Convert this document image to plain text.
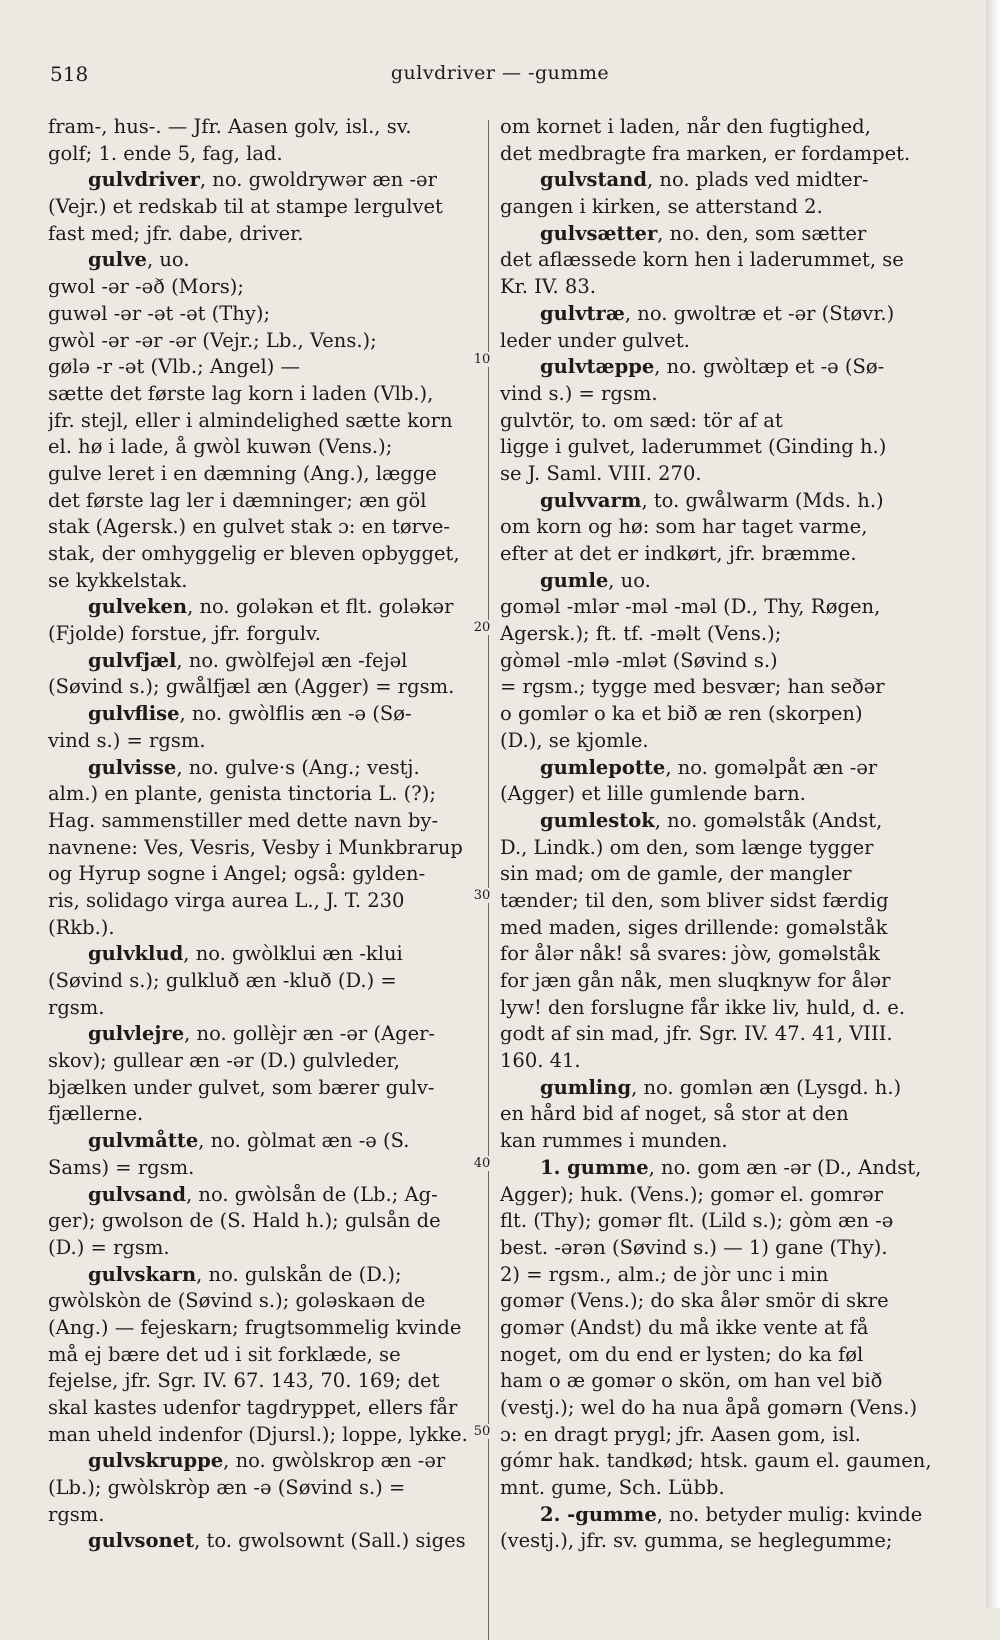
518	gulvdriver — -gumme
10
20
30
40
50
fram-, hus-. — Jfr. Aasen golv, isl., sv.
golf; 1. ende 5, fag, lad.
gulvdriver, no. gwoldrywər æn -ər
(Vejr.) et redskab til at stampe lergulvet
fast med; jfr. dabe, driver.
gulve, uo.
gwol -ər -əð (Mors);
guwəl -ər -ət -ət (Thy);
gwòl -ər -ər -ər (Vejr.; Lb., Vens.);
gølə -r -ət (Vlb.; Angel) —
sætte det første lag korn i laden (Vlb.),
jfr. stejl, eller i almindelighed sætte korn
el. hø i lade, å gwòl kuwən (Vens.);
gulve leret i en dæmning (Ang.), lægge
det første lag ler i dæmninger; æn göl
stak (Agersk.) en gulvet stak ɔ: en tørve-
stak, der omhyggelig er bleven opbygget,
se kykkelstak.
gulveken, no. goləkən et flt. goləkər
(Fjolde) forstue, jfr. forgulv.
gulvfjæl, no. gwòlfejəl æn -fejəl
(Søvind s.); gwålfjæl æn (Agger) = rgsm.
gulvflise, no. gwòlflis æn -ə (Sø-
vind s.) = rgsm.
gulvisse, no. gulve·s (Ang.; vestj.
alm.) en plante, genista tinctoria L. (?);
Hag. sammenstiller med dette navn by-
navnene: Ves, Vesris, Vesby i Munkbrarup
og Hyrup sogne i Angel; også: gylden-
ris, solidago virga aurea L., J. T. 230
(Rkb.).
gulvklud, no. gwòlklui æn -klui
(Søvind s.); gulkluð æn -kluð (D.) =
rgsm.
gulvlejre, no. gollèjr æn -ər (Ager-
skov); gullear æn -ər (D.) gulvleder,
bjælken under gulvet, som bærer gulv-
fjællerne.
gulvmåtte, no. gòlmat æn -ə (S.
Sams) = rgsm.
gulvsand, no. gwòlsån de (Lb.; Ag-
ger); gwolson de (S. Hald h.); gulsån de
(D.) = rgsm.
gulvskarn, no. gulskån de (D.);
gwòlskòn de (Søvind s.); goləskaən de
(Ang.) — fejeskarn; frugtsommelig kvinde
må ej bære det ud i sit forklæde, se
fejelse, jfr. Sgr. IV. 67. 143, 70. 169; det
skal kastes udenfor tagdryppet, ellers får
man uheld indenfor (Djursl.); loppe, lykke.
gulvskruppe, no. gwòlskrop æn -ər
(Lb.); gwòlskròp æn -ə (Søvind s.) =
rgsm.
gulvsonet, to. gwolsownt (Sall.) siges
om kornet i laden, når den fugtighed,
det medbragte fra marken, er fordampet.
gulvstand, no. plads ved midter-
gangen i kirken, se atterstand 2.
gulvsætter, no. den, som sætter
det aflæssede korn hen i laderummet, se
Kr. IV. 83.
gulvtræ, no. gwoltræ et -ər (Støvr.)
leder under gulvet.
gulvtæppe, no. gwòltæp et -ə (Sø-
vind s.) = rgsm.
gulvtör, to. om sæd: tör af at
ligge i gulvet, laderummet (Ginding h.)
se J. Saml. VIII. 270.
gulvvarm, to. gwålwarm (Mds. h.)
om korn og hø: som har taget varme,
efter at det er indkørt, jfr. bræmme.
gumle, uo.
goməl -mlər -məl -məl (D., Thy, Røgen,
Agersk.); ft. tf. -məlt (Vens.);
gòməl -mlə -mlət (Søvind s.)
= rgsm.; tygge med besvær; han seðər
o gomlər o ka et bið æ ren (skorpen)
(D.), se kjomle.
gumlepotte, no. goməlpåt æn -ər
(Agger) et lille gumlende barn.
gumlestok, no. goməlståk (Andst,
D., Lindk.) om den, som længe tygger
sin mad; om de gamle, der mangler
tænder; til den, som bliver sidst færdig
med maden, siges drillende: goməlståk
for ålər nåk! så svares: jòw, goməlståk
for jæn gån nåk, men sluqknyw for ålər
lyw! den forslugne får ikke liv, huld, d. e.
godt af sin mad, jfr. Sgr. IV. 47. 41, VIII.
160. 41.
gumling, no. gomlən æn (Lysgd. h.)
en hård bid af noget, så stor at den
kan rummes i munden.
1. gumme, no. gom æn -ər (D., Andst,
Agger); huk. (Vens.); gomər el. gomrər
flt. (Thy); gomər flt. (Lild s.); gòm æn -ə
best. -ərən (Søvind s.) — 1) gane (Thy).
2) = rgsm., alm.; de jòr unc i min
gomər (Vens.); do ska ålər smör di skre
gomər (Andst) du må ikke vente at få
noget, om du end er lysten; do ka føl
ham o æ gomər o skön, om han vel bið
(vestj.); wel do ha nua åpå gomərn (Vens.)
ɔ: en dragt prygl; jfr. Aasen gom, isl.
gómr hak. tandkød; htsk. gaum el. gaumen,
mnt. gume, Sch. Lübb.
2. -gumme, no. betyder mulig: kvinde
(vestj.), jfr. sv. gumma, se heglegumme;
